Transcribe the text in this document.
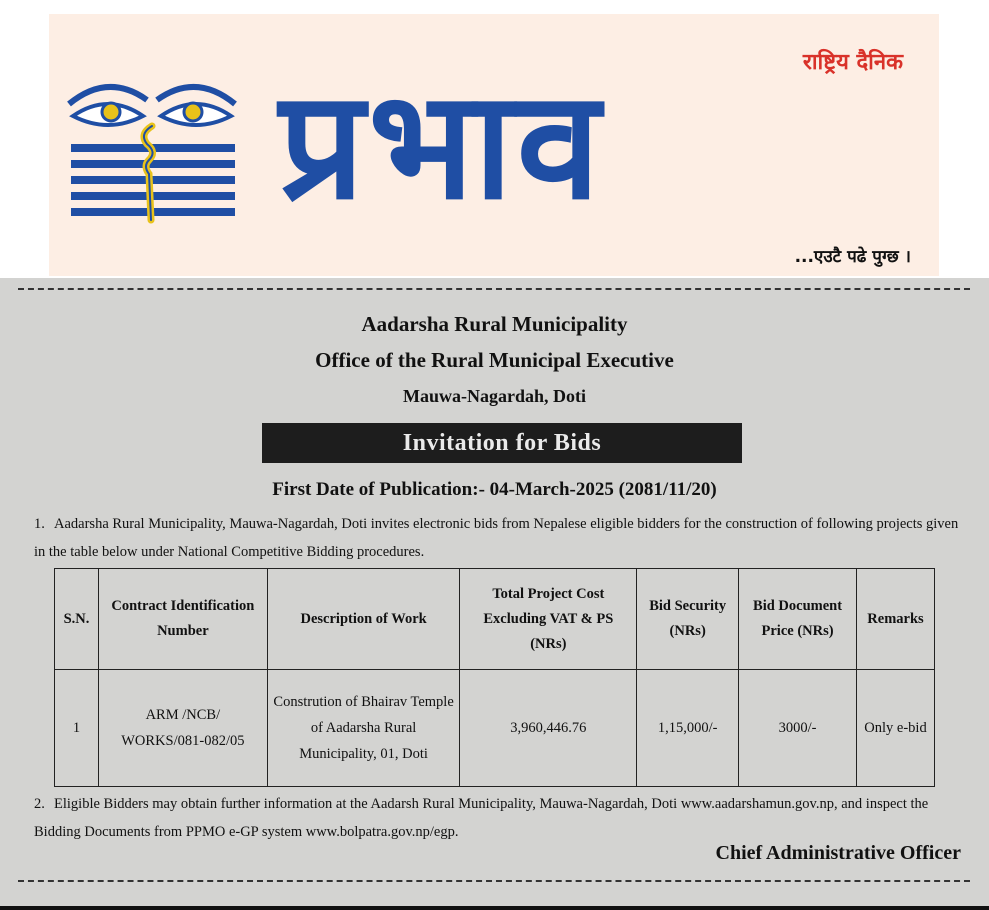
प्रभाव	राष्ट्रिय दैनिक
...एउटै पढे पुग्छ ।
Aadarsha Rural Municipality
Office of the Rural Municipal Executive
Mauwa-Nagardah, Doti
Invitation for Bids
First Date of Publication:- 04-March-2025 (2081/11/20)
1. Aadarsha Rural Municipality, Mauwa-Nagardah, Doti invites electronic bids from Nepalese eligible bidders for the construction of following projects given in the table below under National Competitive Bidding procedures.
S.N.	Contract Identification Number	Description of Work	Total Project Cost Excluding VAT & PS (NRs)	Bid Security (NRs)	Bid Document Price (NRs)	Remarks
1	ARM /NCB/ WORKS/081-082/05	Constrution of Bhairav Temple of Aadarsha Rural Municipality, 01, Doti	3,960,446.76	1,15,000/-	3000/-	Only e-bid
2. Eligible Bidders may obtain further information at the Aadarsh Rural Municipality, Mauwa-Nagardah, Doti www.aadarshamun.gov.np, and inspect the Bidding Documents from PPMO e-GP system www.bolpatra.gov.np/egp.
Chief Administrative Officer
